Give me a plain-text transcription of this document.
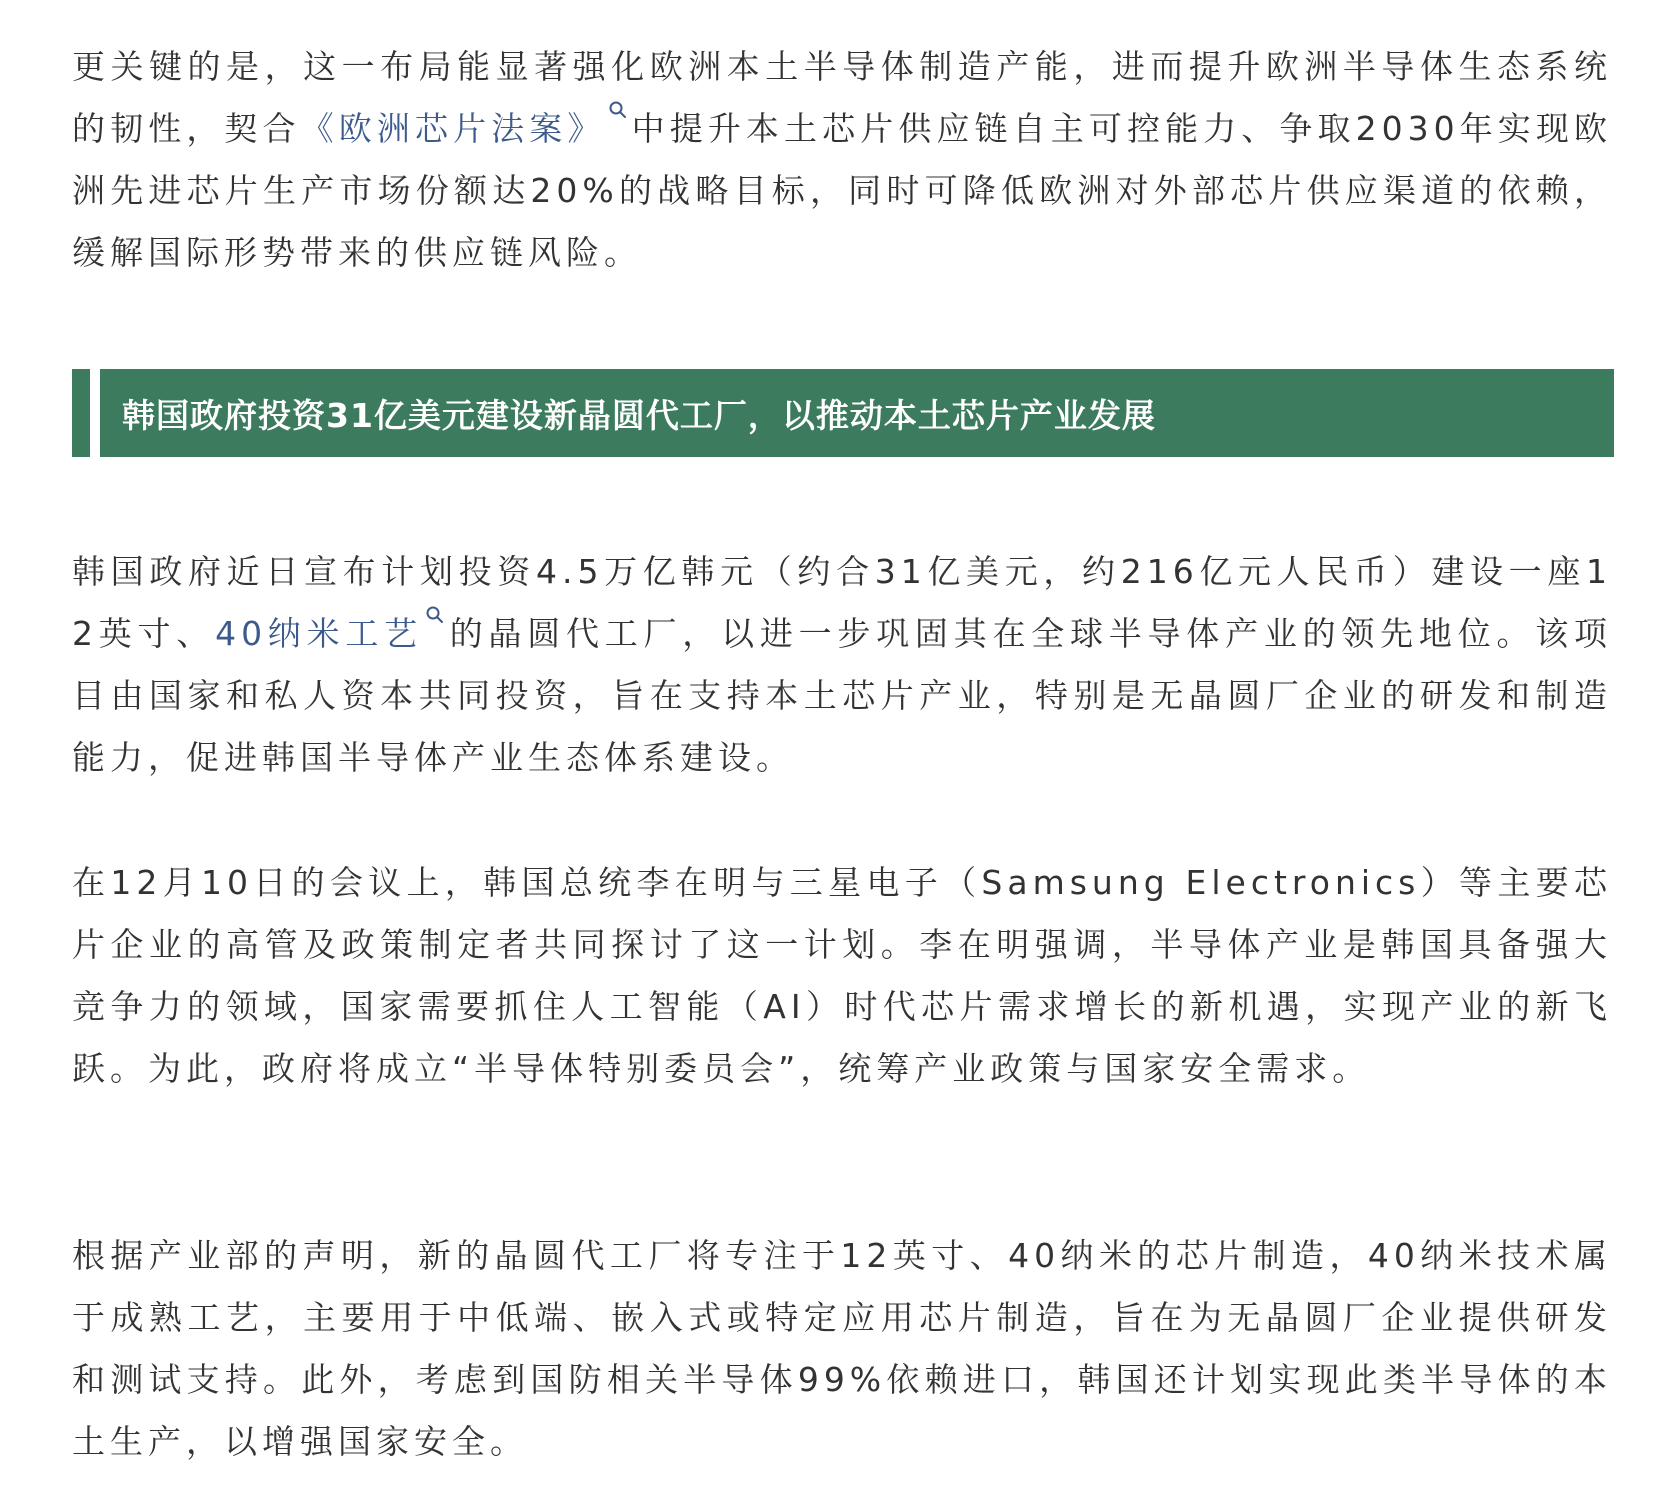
更关键的是，这一布局能显著强化欧洲本土半导体制造产能，进而提升欧洲半导体生态系统的韧性，契合《欧洲芯片法案》 中提升本土芯片供应链自主可控能力、争取2030年实现欧洲先进芯片生产市场份额达20%的战略目标，同时可降低欧洲对外部芯片供应渠道的依赖，缓解国际形势带来的供应链风险。

韩国政府投资31亿美元建设新晶圆代工厂，以推动本土芯片产业发展

韩国政府近日宣布计划投资4.5万亿韩元（约合31亿美元，约216亿元人民币）建设一座12英寸、40纳米工艺 的晶圆代工厂，以进一步巩固其在全球半导体产业的领先地位。该项目由国家和私人资本共同投资，旨在支持本土芯片产业，特别是无晶圆厂企业的研发和制造能力，促进韩国半导体产业生态体系建设。

在12月10日的会议上，韩国总统李在明与三星电子（Samsung Electronics）等主要芯片企业的高管及政策制定者共同探讨了这一计划。李在明强调，半导体产业是韩国具备强大竞争力的领域，国家需要抓住人工智能（AI）时代芯片需求增长的新机遇，实现产业的新飞跃。为此，政府将成立“半导体特别委员会”，统筹产业政策与国家安全需求。

根据产业部的声明，新的晶圆代工厂将专注于12英寸、40纳米的芯片制造，40纳米技术属于成熟工艺，主要用于中低端、嵌入式或特定应用芯片制造，旨在为无晶圆厂企业提供研发和测试支持。此外，考虑到国防相关半导体99%依赖进口，韩国还计划实现此类半导体的本土生产，以增强国家安全。
